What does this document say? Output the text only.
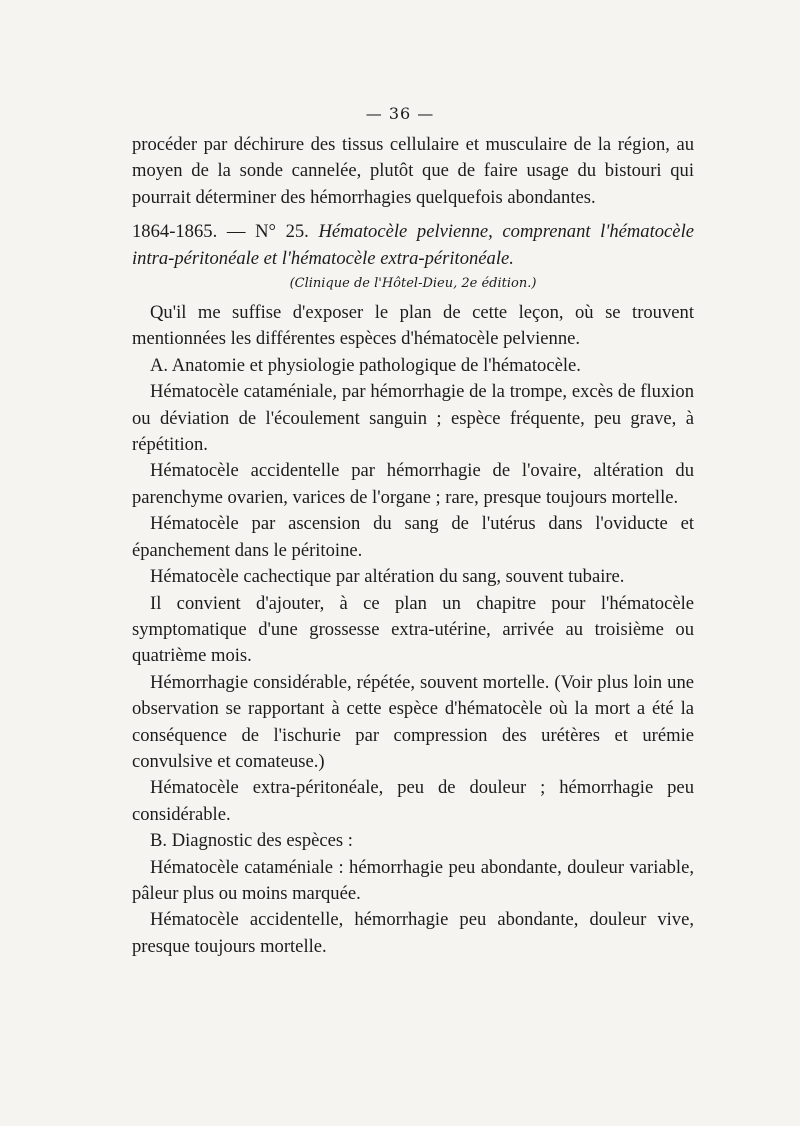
— 36 —

procéder par déchirure des tissus cellulaire et musculaire de la région, au moyen de la sonde cannelée, plutôt que de faire usage du bistouri qui pourrait déterminer des hémorrhagies quelquefois abondantes.

1864-1865. — N° 25. Hématocèle pelvienne, comprenant l'hématocèle intra-péritonéale et l'hématocèle extra-péritonéale.

(Clinique de l'Hôtel-Dieu, 2e édition.)

Qu'il me suffise d'exposer le plan de cette leçon, où se trouvent mentionnées les différentes espèces d'hématocèle pelvienne.

A. Anatomie et physiologie pathologique de l'hématocèle.

Hématocèle cataméniale, par hémorrhagie de la trompe, excès de fluxion ou déviation de l'écoulement sanguin ; espèce fréquente, peu grave, à répétition.

Hématocèle accidentelle par hémorrhagie de l'ovaire, altération du parenchyme ovarien, varices de l'organe ; rare, presque toujours mortelle.

Hématocèle par ascension du sang de l'utérus dans l'oviducte et épanchement dans le péritoine.

Hématocèle cachectique par altération du sang, souvent tubaire.

Il convient d'ajouter, à ce plan un chapitre pour l'hématocèle symptomatique d'une grossesse extra-utérine, arrivée au troisième ou quatrième mois.

Hémorrhagie considérable, répétée, souvent mortelle. (Voir plus loin une observation se rapportant à cette espèce d'hématocèle où la mort a été la conséquence de l'ischurie par compression des urétères et urémie convulsive et comateuse.)

Hématocèle extra-péritonéale, peu de douleur ; hémorrhagie peu considérable.

B. Diagnostic des espèces :

Hématocèle cataméniale : hémorrhagie peu abondante, douleur variable, pâleur plus ou moins marquée.

Hématocèle accidentelle, hémorrhagie peu abondante, douleur vive, presque toujours mortelle.
